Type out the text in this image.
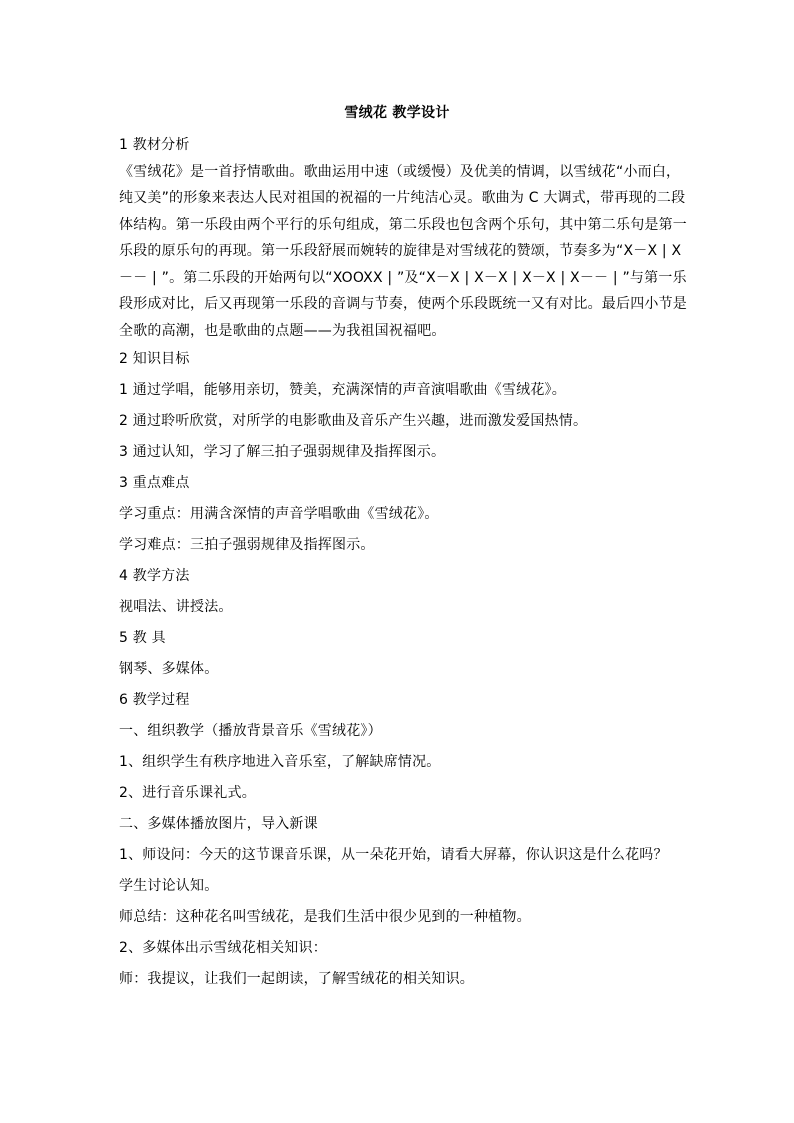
雪绒花 教学设计
1 教材分析
《雪绒花》是一首抒情歌曲。歌曲运用中速（或缓慢）及优美的情调，以雪绒花“小而白，
纯又美”的形象来表达人民对祖国的祝福的一片纯洁心灵。歌曲为 C 大调式，带再现的二段
体结构。第一乐段由两个平行的乐句组成，第二乐段也包含两个乐句，其中第二乐句是第一
乐段的原乐句的再现。第一乐段舒展而婉转的旋律是对雪绒花的赞颂，节奏多为“X－X | X
－－ | ”。第二乐段的开始两句以“XOOXX | ”及“X－X | X－X | X－X | X－－ | ”与第一乐
段形成对比，后又再现第一乐段的音调与节奏，使两个乐段既统一又有对比。最后四小节是
全歌的高潮，也是歌曲的点题——为我祖国祝福吧。
2 知识目标
1 通过学唱，能够用亲切，赞美，充满深情的声音演唱歌曲《雪绒花》。
2 通过聆听欣赏，对所学的电影歌曲及音乐产生兴趣，进而激发爱国热情。
3 通过认知，学习了解三拍子强弱规律及指挥图示。
3 重点难点
学习重点：用满含深情的声音学唱歌曲《雪绒花》。
学习难点：三拍子强弱规律及指挥图示。
4 教学方法
视唱法、讲授法。
5 教 具
钢琴、多媒体。
6 教学过程
一、组织教学（播放背景音乐《雪绒花》）
1、组织学生有秩序地进入音乐室，了解缺席情况。
2、进行音乐课礼式。
二、多媒体播放图片，导入新课
1、师设问：今天的这节课音乐课，从一朵花开始，请看大屏幕，你认识这是什么花吗？
学生讨论认知。
师总结：这种花名叫雪绒花，是我们生活中很少见到的一种植物。
2、多媒体出示雪绒花相关知识：
师：我提议，让我们一起朗读，了解雪绒花的相关知识。
